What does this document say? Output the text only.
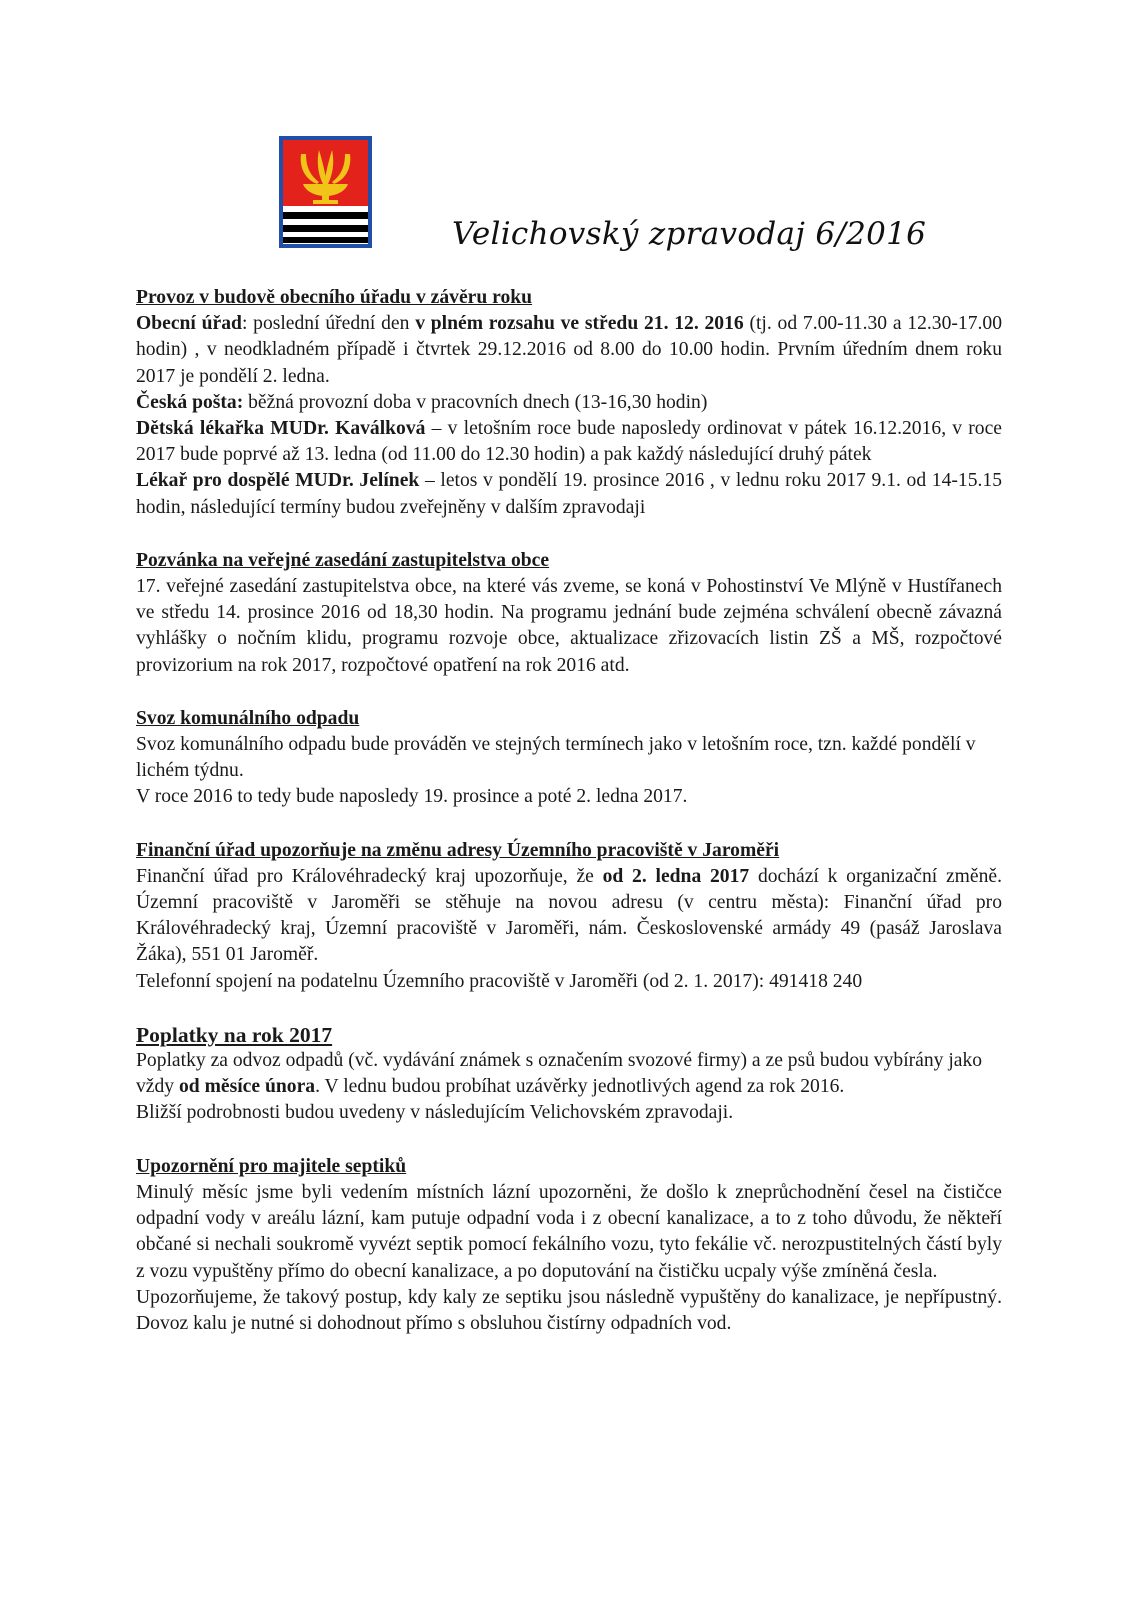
Velichovský zpravodaj 6/2016
Provoz v budově obecního úřadu v závěru roku

Obecní úřad: poslední úřední den v plném rozsahu ve středu 21. 12. 2016 (tj. od 7.00-11.30 a 12.30-17.00 hodin) , v neodkladném případě i čtvrtek 29.12.2016 od 8.00 do 10.00 hodin. Prvním úředním dnem roku 2017 je pondělí 2. ledna.

Česká pošta: běžná provozní doba v pracovních dnech (13-16,30 hodin)

Dětská lékařka MUDr. Kaválková – v letošním roce bude naposledy ordinovat v pátek 16.12.2016, v roce 2017 bude poprvé až 13. ledna (od 11.00 do 12.30 hodin) a pak každý následující druhý pátek

Lékař pro dospělé MUDr. Jelínek – letos v pondělí 19. prosince 2016 , v lednu roku 2017 9.1. od 14-15.15 hodin, následující termíny budou zveřejněny v dalším zpravodaji

Pozvánka na veřejné zasedání zastupitelstva obce

17. veřejné zasedání zastupitelstva obce, na které vás zveme, se koná v Pohostinství Ve Mlýně v Hustířanech ve středu 14. prosince 2016 od 18,30 hodin. Na programu jednání bude zejména schválení obecně závazná vyhlášky o nočním klidu, programu rozvoje obce, aktualizace zřizovacích listin ZŠ a MŠ, rozpočtové provizorium na rok 2017, rozpočtové opatření na rok 2016 atd.

Svoz komunálního odpadu

Svoz komunálního odpadu bude prováděn ve stejných termínech jako v letošním roce, tzn. každé pondělí v lichém týdnu.

V roce 2016 to tedy bude naposledy 19. prosince a poté 2. ledna 2017.

Finanční úřad upozorňuje na změnu adresy Územního pracoviště v Jaroměři

Finanční úřad pro Královéhradecký kraj upozorňuje, že od 2. ledna 2017 dochází k organizační změně. Územní pracoviště v Jaroměři se stěhuje na novou adresu (v centru města): Finanční úřad pro Královéhradecký kraj, Územní pracoviště v Jaroměři, nám. Československé armády 49 (pasáž Jaroslava Žáka), 551 01 Jaroměř.

Telefonní spojení na podatelnu Územního pracoviště v Jaroměři (od 2. 1. 2017): 491418 240

Poplatky na rok 2017

Poplatky za odvoz odpadů (vč. vydávání známek s označením svozové firmy) a ze psů budou vybírány jako vždy od měsíce února. V lednu budou probíhat uzávěrky jednotlivých agend za rok 2016.

Bližší podrobnosti budou uvedeny v následujícím Velichovském zpravodaji.

Upozornění pro majitele septiků

Minulý měsíc jsme byli vedením místních lázní upozorněni, že došlo k zneprůchodnění česel na čističce odpadní vody v areálu lázní, kam putuje odpadní voda i z obecní kanalizace, a to z toho důvodu, že někteří občané si nechali soukromě vyvézt septik pomocí fekálního vozu, tyto fekálie vč. nerozpustitelných částí byly z vozu vypuštěny přímo do obecní kanalizace, a po doputování na čističku ucpaly výše zmíněná česla.

Upozorňujeme, že takový postup, kdy kaly ze septiku jsou následně vypuštěny do kanalizace, je nepřípustný. Dovoz kalu je nutné si dohodnout přímo s obsluhou čistírny odpadních vod.
